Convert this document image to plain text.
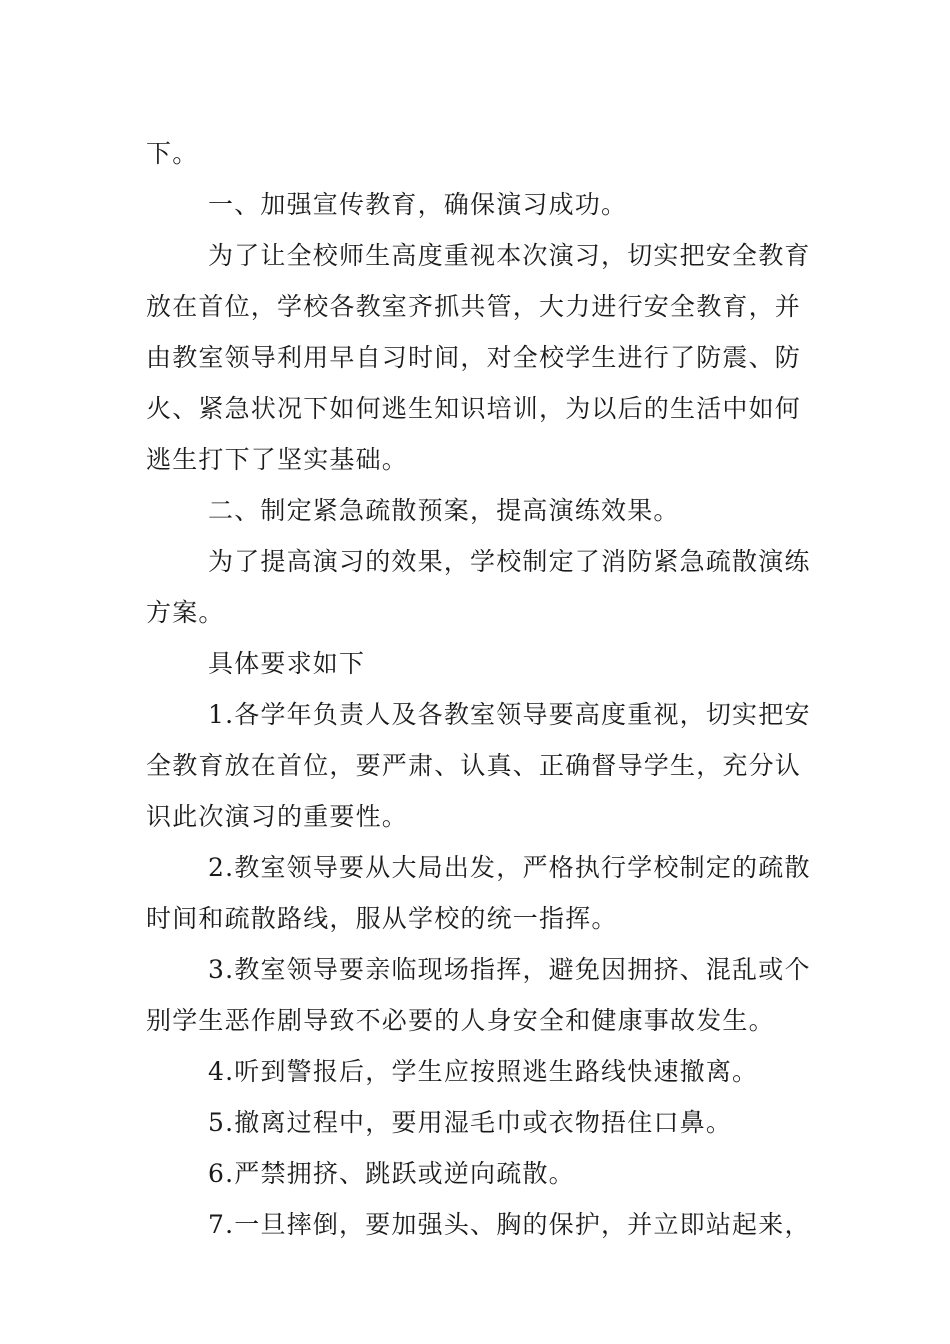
下。
一、加强宣传教育，确保演习成功。
为了让全校师生高度重视本次演习，切实把安全教育
放在首位，学校各教室齐抓共管，大力进行安全教育，并
由教室领导利用早自习时间，对全校学生进行了防震、防
火、紧急状况下如何逃生知识培训，为以后的生活中如何
逃生打下了坚实基础。
二、制定紧急疏散预案，提高演练效果。
为了提高演习的效果，学校制定了消防紧急疏散演练
方案。
具体要求如下
1.各学年负责人及各教室领导要高度重视，切实把安
全教育放在首位，要严肃、认真、正确督导学生，充分认
识此次演习的重要性。
2.教室领导要从大局出发，严格执行学校制定的疏散
时间和疏散路线，服从学校的统一指挥。
3.教室领导要亲临现场指挥，避免因拥挤、混乱或个
别学生恶作剧导致不必要的人身安全和健康事故发生。
4.听到警报后，学生应按照逃生路线快速撤离。
5.撤离过程中，要用湿毛巾或衣物捂住口鼻。
6.严禁拥挤、跳跃或逆向疏散。
7.一旦摔倒，要加强头、胸的保护，并立即站起来，
